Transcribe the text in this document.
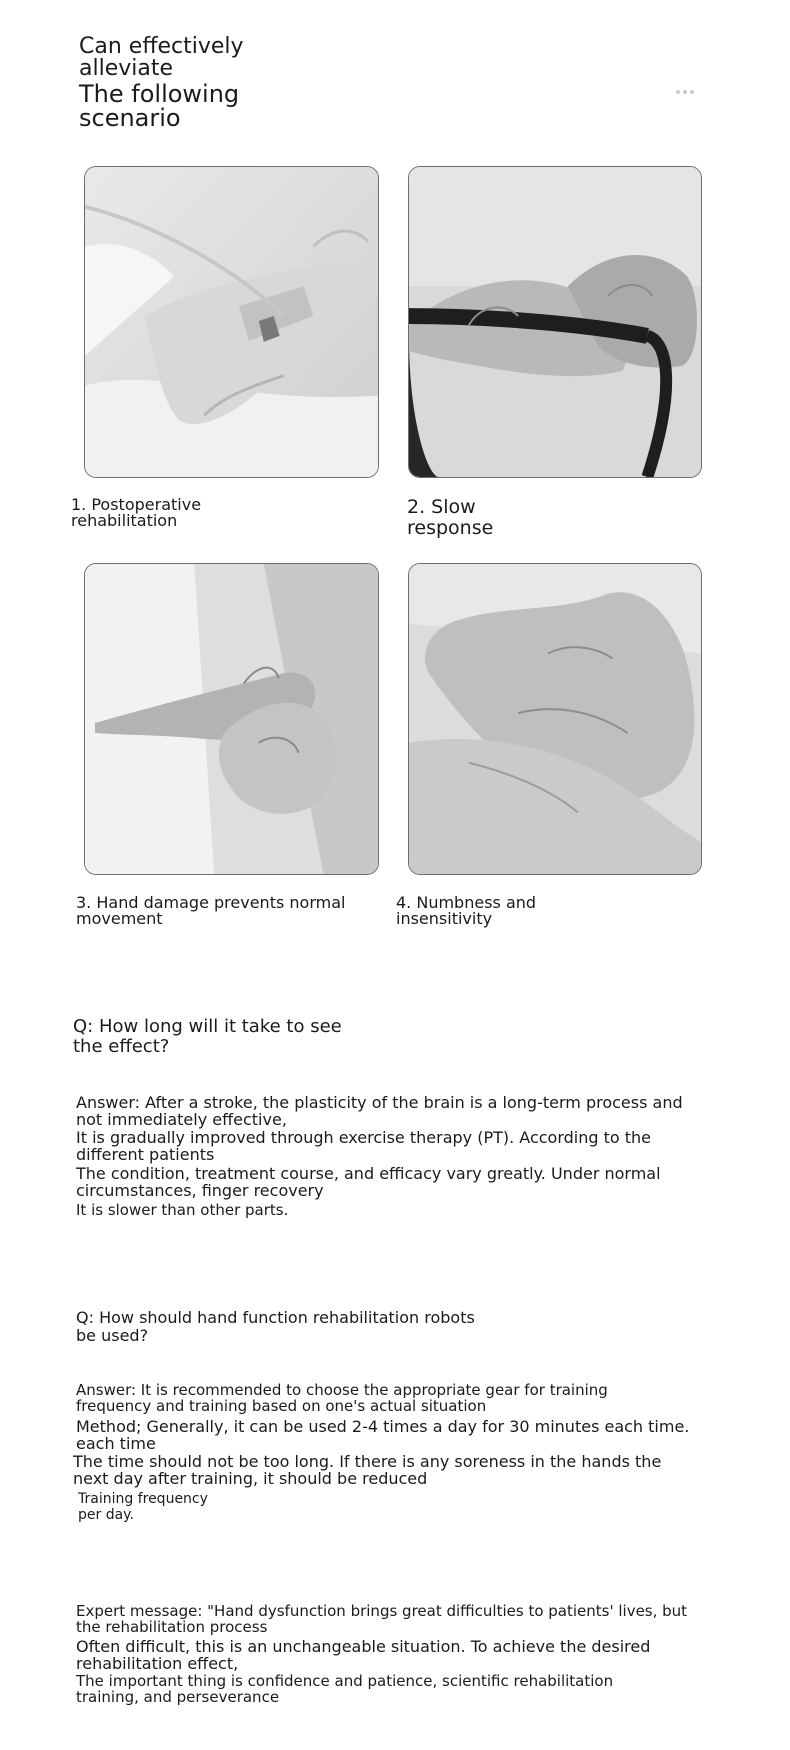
Can effectively
alleviate
The following
scenario
1. Postoperative
rehabilitation
2. Slow
response
3. Hand damage prevents normal
movement
4. Numbness and
insensitivity
Q: How long will it take to see
the effect?
Answer: After a stroke, the plasticity of the brain is a long-term process and
not immediately effective,
It is gradually improved through exercise therapy (PT). According to the
different patients
The condition, treatment course, and efficacy vary greatly. Under normal
circumstances, finger recovery
It is slower than other parts.
Q: How should hand function rehabilitation robots
be used?
Answer: It is recommended to choose the appropriate gear for training
frequency and training based on one's actual situation
Method; Generally, it can be used 2-4 times a day for 30 minutes each time.
each time
The time should not be too long. If there is any soreness in the hands the
next day after training, it should be reduced
Training frequency
per day.
Expert message: "Hand dysfunction brings great difficulties to patients' lives, but
the rehabilitation process
Often difficult, this is an unchangeable situation. To achieve the desired
rehabilitation effect,
The important thing is confidence and patience, scientific rehabilitation
training, and perseverance
